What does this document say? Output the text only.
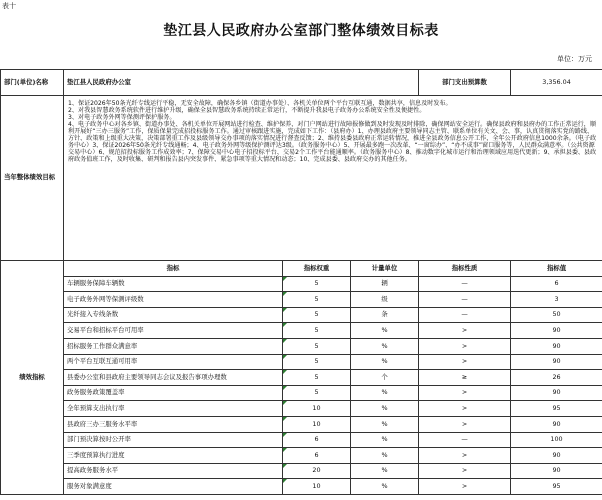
表十
垫江县人民政府办公室部门整体绩效目标表
单位：万元
部门(单位)名称	垫江县人民政府办公室			部门支出预算数	3,356.04
当年整体绩效目标	1、保证2026年50条光纤专线运行平稳，无安全故障，确保各乡镇（街道办事处）、各机关单位两个平台互联互通，数据共享，信息及时发布。

2、对我县智慧政务系统软件进行维护升级，确保全县智慧政务系统持续正常运行，不断提升我县电子政务办公系统安全性及便捷性。

3、对电子政务外网等保测评保护服务。

4、电子政务中心对各乡镇、街道办事处、各机关单位开展网站进行检查、维护保养，对门户网站进行故障报修做到及时发现及时排除，确保网站安全运行。确保县政府和县府办的工作正常运行，顺利开展好“三办三服务”工作，保质保量完成招投标服务工作。通过审核跟进实施，完成如下工作：（县府办）1、办理县政府主要领导同志主管、联系单位有关文、会、事，认真贯彻落实党的路线、方针、政策和上级重大决策，决策部署重工作及县级领导交办事项的落实情况进行督查反馈；2、维持县委县政府正常运转情况，推进全县政务信息公开工作，全年公开政府信息1000余条。（电子政务中心）3、保证2026年50条光纤专线通畅；4、电子政务外网等级保护测评达3级。（政务服务中心）5、开展最多跑一次改革、“一窗综办”、“办不成事”窗口服务等，人民群众满意率。（公共资源交易中心）6、规范招投标服务工作成效率；7、保障交易中心电子招投标平台、交易2个工作平台能通顺率。（政务服务中心）8、推动数字化城市运行和治理领域应用迭代更新；9、承担县委、县政府政务值班工作，及时收集、研判和报告县内突发事件、紧急事项等重大情况和动态；10、完成县委、县政府交办的其他任务。				

绩效指标	指标	指标权重	计量单位	指标性质	指标值
	车辆服务保障车辆数	5	辆	—	6
	电子政务外网等保测评级数	5	级	—	3
	光纤接入专线条数	5	条	—	50
	交易平台和招标平台可用率	5	%	>	90
	招标服务工作群众满意率	5	%	>	90
	两个平台互联互通可用率	5	%	>	90
	县委办公室和县政府主要领导同志会议及报告事项办理数	5	个	≥	26
	政务服务政策覆盖率	5	%	>	90
	全年预算支出执行率	10	%	>	95
	县政府三办三服务水平率	10	%	>	90
	部门预决算按时公开率	6	%	—	100
	三季度预算执行进度	6	%	>	90
	提高政务服务水平	20	%	>	90
	服务对象满意度	10	%	>	95
